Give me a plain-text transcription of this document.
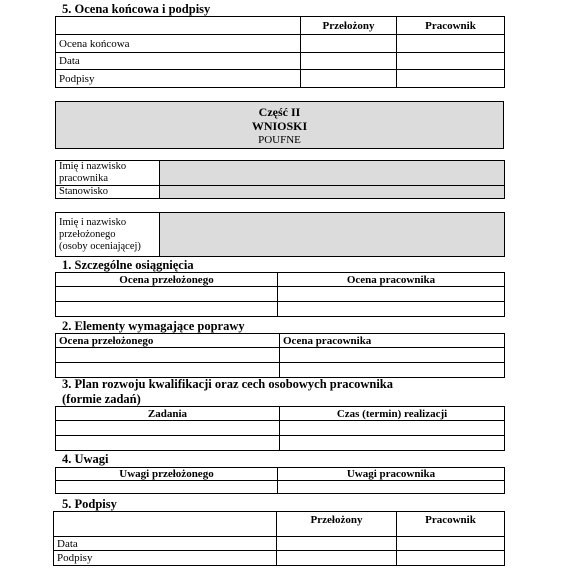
5. Ocena końcowa i podpisy
	Przełożony	Pracownik
Ocena końcowa		
Data		
Podpisy		
Część II
WNIOSKI
POUFNE
Imię i nazwisko
pracownika	
Stanowisko	
Imię i nazwisko
przełożonego
(osoby oceniającej)	
1. Szczególne osiągnięcia
Ocena przełożonego	Ocena pracownika

2. Elementy wymagające poprawy
Ocena przełożonego	Ocena pracownika

3. Plan rozwoju kwalifikacji oraz cech osobowych pracownika
(formie zadań)
Zadania	Czas (termin) realizacji

4. Uwagi
Uwagi przełożonego	Uwagi pracownika

5. Podpisy
	Przełożony	Pracownik
Data		
Podpisy		
